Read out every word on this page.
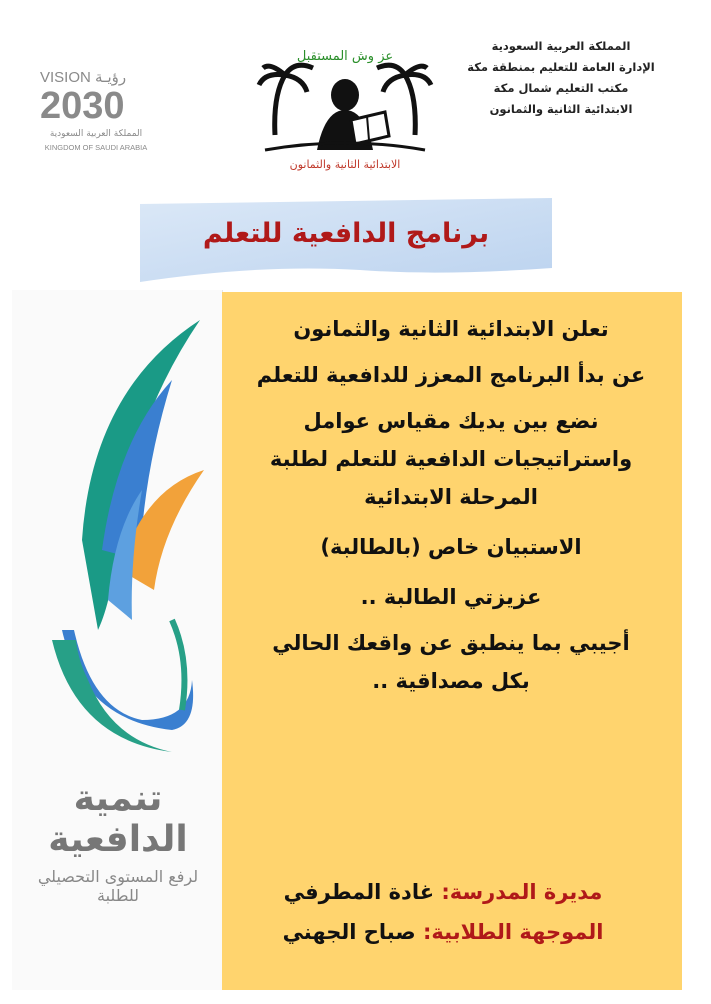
المملكة العربية السعودية
الإدارة العامة للتعليم بمنطقة مكة
مكتب التعليم شمال مكة
الابتدائية الثانية والثمانون
VISION رؤيـة
2030
المملكة العربية السعودية
KINGDOM OF SAUDI ARABIA
عز وش المستقبل
الابتدائية الثانية والثمانون
برنامج الدافعية للتعلم
تنمية الدافعية
لرفع المستوى التحصيلي للطلبة
تعلن الابتدائية الثانية والثمانون
عن بدأ البرنامج المعزز للدافعية للتعلم
نضع بين يديك مقياس عوامل
واستراتيجيات الدافعية للتعلم لطلبة
المرحلة الابتدائية
الاستبيان خاص (بالطالبة)
عزيزتي الطالبة ..
أجيبي بما ينطبق عن واقعك الحالي
بكل مصداقية ..
مديرة المدرسة: غادة المطرفي
الموجهة الطلابية: صباح الجهني
